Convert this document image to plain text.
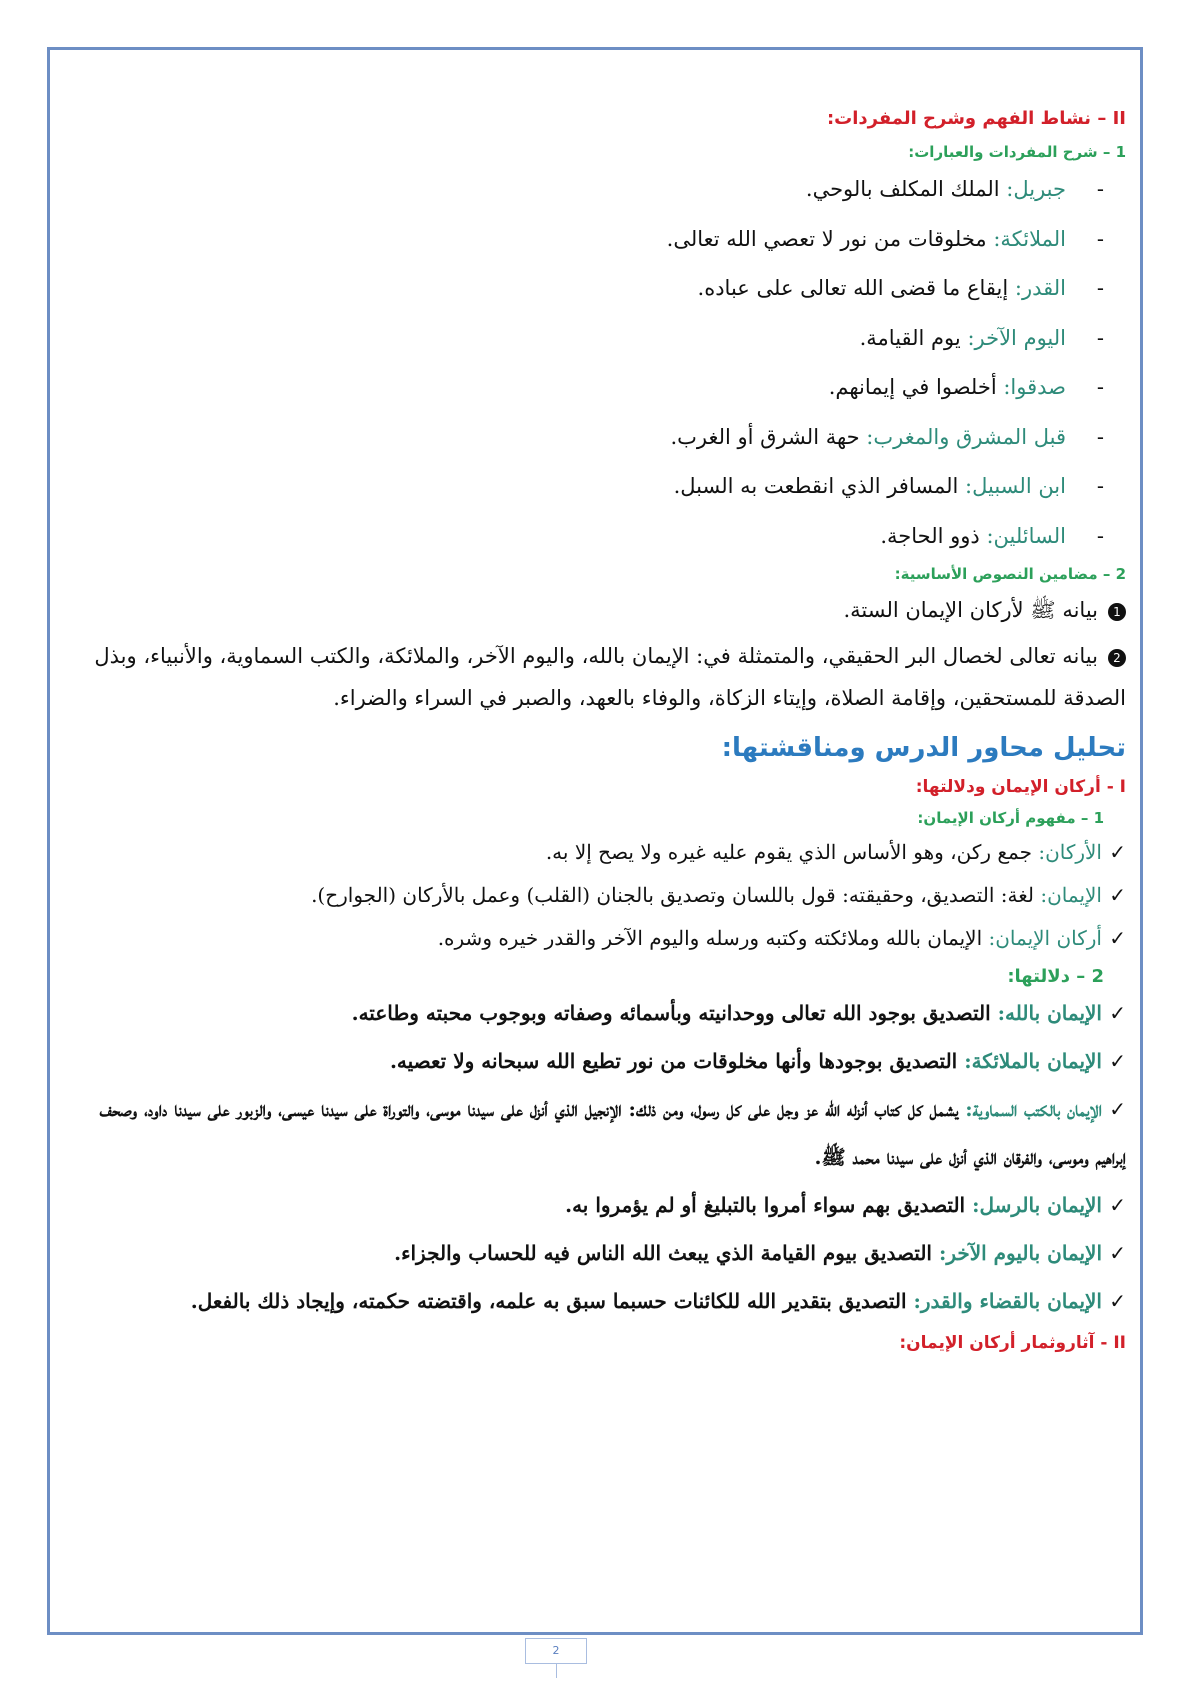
II – نشاط الفهم وشرح المفردات:

1 – شرح المفردات والعبارات:

-جبريل: الملك المكلف بالوحي.
-الملائكة: مخلوقات من نور لا تعصي الله تعالى.
-القدر: إيقاع ما قضى الله تعالى على عباده.
-اليوم الآخر: يوم القيامة.
-صدقوا: أخلصوا في إيمانهم.
-قبل المشرق والمغرب: حهة الشرق أو الغرب.
-ابن السبيل: المسافر الذي انقطعت به السبل.
-السائلين: ذوو الحاجة.

2 – مضامين النصوص الأساسية:

1بيانه ﷺ لأركان الإيمان الستة.

2بيانه تعالى لخصال البر الحقيقي، والمتمثلة في: الإيمان بالله، واليوم الآخر، والملائكة، والكتب السماوية، والأنبياء، وبذل الصدقة للمستحقين، وإقامة الصلاة، وإيتاء الزكاة، والوفاء بالعهد، والصبر في السراء والضراء.

تحليل محاور الدرس ومناقشتها:

I - أركان الإيمان ودلالتها:

1 – مفهوم أركان الإيمان:

✓الأركان: جمع ركن، وهو الأساس الذي يقوم عليه غيره ولا يصح إلا به.
✓الإيمان: لغة: التصديق، وحقيقته: قول باللسان وتصديق بالجنان (القلب) وعمل بالأركان (الجوارح).
✓أركان الإيمان: الإيمان بالله وملائكته وكتبه ورسله واليوم الآخر والقدر خيره وشره.

2 – دلالتها:

✓الإيمان بالله: التصديق بوجود الله تعالى ووحدانيته وبأسمائه وصفاته وبوجوب محبته وطاعته.
✓الإيمان بالملائكة: التصديق بوجودها وأنها مخلوقات من نور تطيع الله سبحانه ولا تعصيه.
✓الإيمان بالكتب السماوية: يشمل كل كتاب أنزله الله عز وجل على كل رسول، ومن ذلك: الإنجيل الذي أنزل على سيدنا موسى، والتوراة على سيدنا عيسى، والزبور على سيدنا داود، وصحف إبراهيم وموسى، والفرقان الذي أنزل على سيدنا محمد ﷺ.
✓الإيمان بالرسل: التصديق بهم سواء أمروا بالتبليغ أو لم يؤمروا به.
✓الإيمان باليوم الآخر: التصديق بيوم القيامة الذي يبعث الله الناس فيه للحساب والجزاء.
✓الإيمان بالقضاء والقدر: التصديق بتقدير الله للكائنات حسبما سبق به علمه، واقتضته حكمته، وإيجاد ذلك بالفعل.

II - آثاروثمار أركان الإيمان:

2
